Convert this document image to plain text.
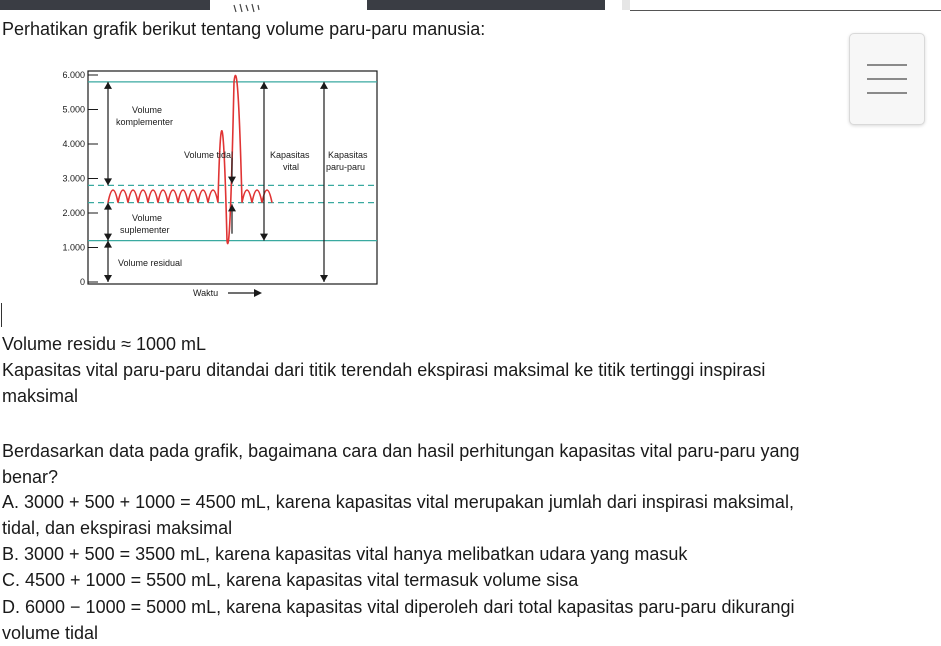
Perhatikan grafik berikut tentang volume paru-paru manusia:
6.000
5.000
4.000
3.000
2.000
1.000
0
Volume
komplementer
Volume tidal	Kapasitas
vital
Kapasitas
paru-paru
Volume
suplementer
Volume residual
Waktu
Volume residu ≈ 1000 mL
Kapasitas vital paru-paru ditandai dari titik terendah ekspirasi maksimal ke titik tertinggi inspirasi
maksimal
Berdasarkan data pada grafik, bagaimana cara dan hasil perhitungan kapasitas vital paru-paru yang
benar?
A. 3000 + 500 + 1000 = 4500 mL, karena kapasitas vital merupakan jumlah dari inspirasi maksimal,
tidal, dan ekspirasi maksimal
B. 3000 + 500 = 3500 mL, karena kapasitas vital hanya melibatkan udara yang masuk
C. 4500 + 1000 = 5500 mL, karena kapasitas vital termasuk volume sisa
D. 6000 − 1000 = 5000 mL, karena kapasitas vital diperoleh dari total kapasitas paru-paru dikurangi
volume tidal
